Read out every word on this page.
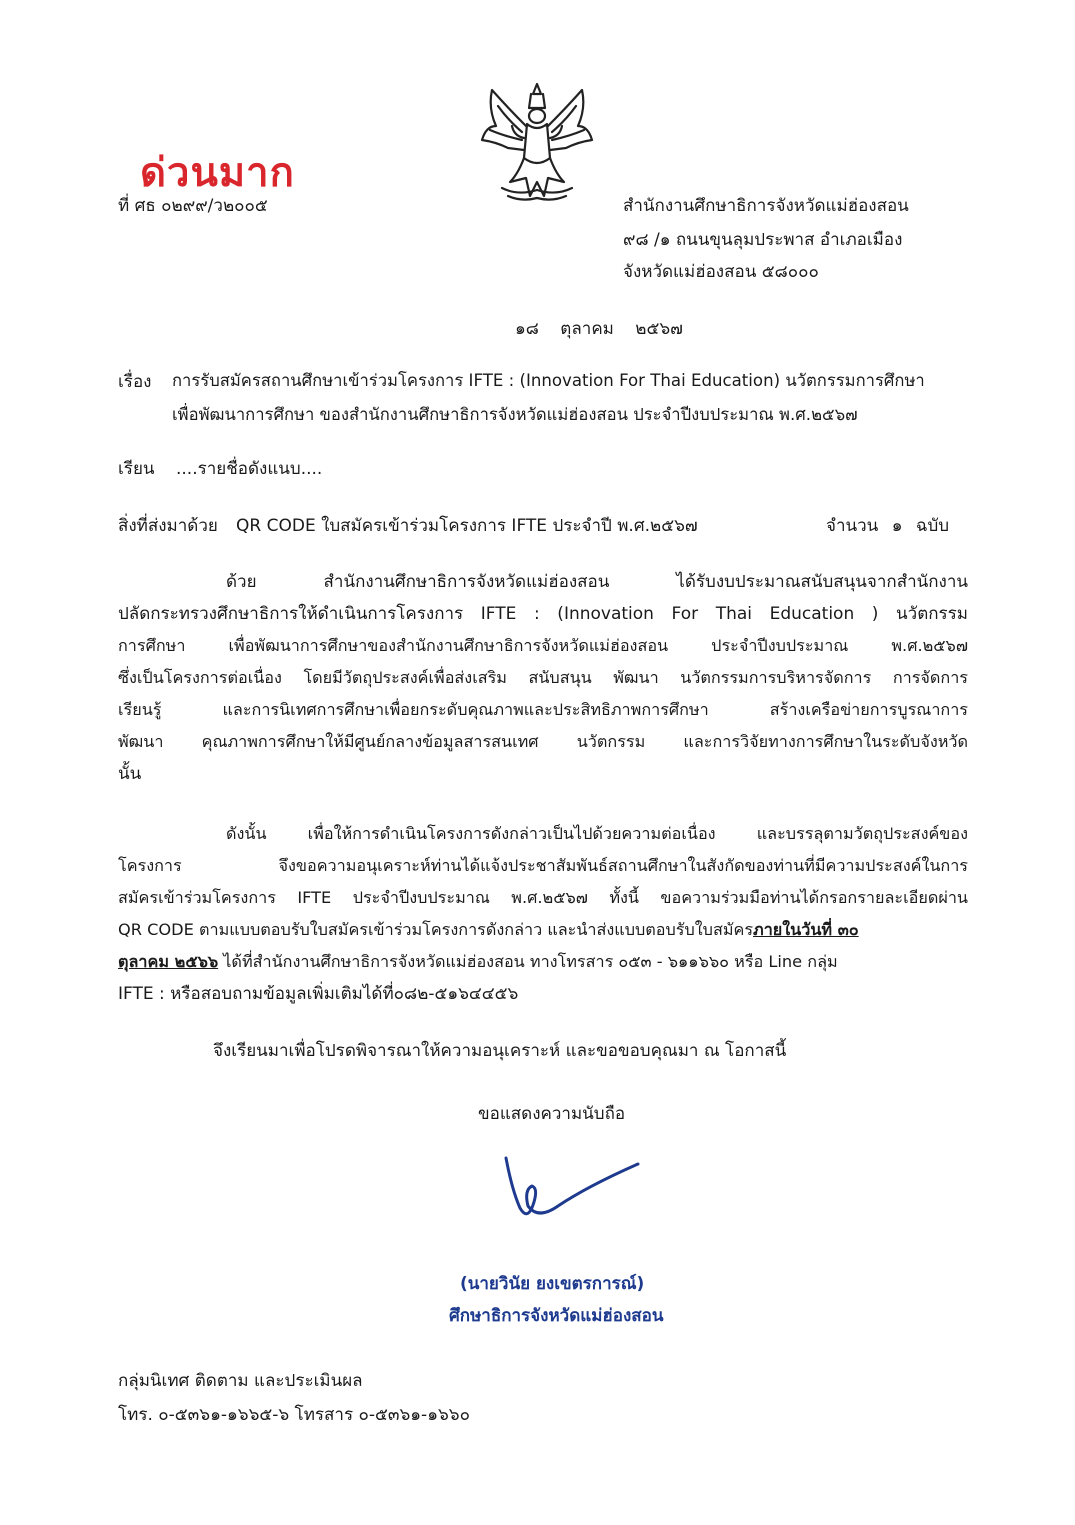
ด่วนมาก
ที่ ศธ ๐๒๙๙/ว๒๐๐๕	สำนักงานศึกษาธิการจังหวัดแม่ฮ่องสอน
๙๘ /๑ ถนนขุนลุมประพาส อำเภอเมือง
จังหวัดแม่ฮ่องสอน ๕๘๐๐๐
๑๘ ตุลาคม ๒๕๖๗
เรื่อง การรับสมัครสถานศึกษาเข้าร่วมโครงการ IFTE : (Innovation For Thai Education) นวัตกรรมการศึกษา
เพื่อพัฒนาการศึกษา ของสำนักงานศึกษาธิการจังหวัดแม่ฮ่องสอน ประจำปีงบประมาณ พ.ศ.๒๕๖๗
เรียน ....รายชื่อดังแนบ....
สิ่งที่ส่งมาด้วย QR CODE ใบสมัครเข้าร่วมโครงการ IFTE ประจำปี พ.ศ.๒๕๖๗	จำนวน ๑ ฉบับ
ด้วย สำนักงานศึกษาธิการจังหวัดแม่ฮ่องสอน ได้รับงบประมาณสนับสนุนจากสำนักงาน
ปลัดกระทรวงศึกษาธิการให้ดำเนินการโครงการ IFTE : (Innovation For Thai Education ) นวัตกรรม
การศึกษา เพื่อพัฒนาการศึกษาของสำนักงานศึกษาธิการจังหวัดแม่ฮ่องสอน ประจำปีงบประมาณ พ.ศ.๒๕๖๗
ซึ่งเป็นโครงการต่อเนื่อง โดยมีวัตถุประสงค์เพื่อส่งเสริม สนับสนุน พัฒนา นวัตกรรมการบริหารจัดการ การจัดการ
เรียนรู้ และการนิเทศการศึกษาเพื่อยกระดับคุณภาพและประสิทธิภาพการศึกษา สร้างเครือข่ายการบูรณาการ
พัฒนา คุณภาพการศึกษาให้มีศูนย์กลางข้อมูลสารสนเทศ นวัตกรรม และการวิจัยทางการศึกษาในระดับจังหวัด
นั้น
ดังนั้น เพื่อให้การดำเนินโครงการดังกล่าวเป็นไปด้วยความต่อเนื่อง และบรรลุตามวัตถุประสงค์ของ
โครงการ จึงขอความอนุเคราะห์ท่านได้แจ้งประชาสัมพันธ์สถานศึกษาในสังกัดของท่านที่มีความประสงค์ในการ
สมัครเข้าร่วมโครงการ IFTE ประจำปีงบประมาณ พ.ศ.๒๕๖๗ ทั้งนี้ ขอความร่วมมือท่านได้กรอกรายละเอียดผ่าน
QR CODE ตามแบบตอบรับใบสมัครเข้าร่วมโครงการดังกล่าว และนำส่งแบบตอบรับใบสมัครภายในวันที่ ๓๐
ตุลาคม ๒๕๖๖ ได้ที่สำนักงานศึกษาธิการจังหวัดแม่ฮ่องสอน ทางโทรสาร ๐๕๓ - ๖๑๑๖๖๐ หรือ Line กลุ่ม
IFTE : หรือสอบถามข้อมูลเพิ่มเติมได้ที่๐๘๒-๕๑๖๔๔๕๖
จึงเรียนมาเพื่อโปรดพิจารณาให้ความอนุเคราะห์ และขอขอบคุณมา ณ โอกาสนี้
ขอแสดงความนับถือ
(นายวินัย ยงเขตรการณ์)
ศึกษาธิการจังหวัดแม่ฮ่องสอน
กลุ่มนิเทศ ติดตาม และประเมินผล
โทร. ๐-๕๓๖๑-๑๖๖๕-๖ โทรสาร ๐-๕๓๖๑-๑๖๖๐
